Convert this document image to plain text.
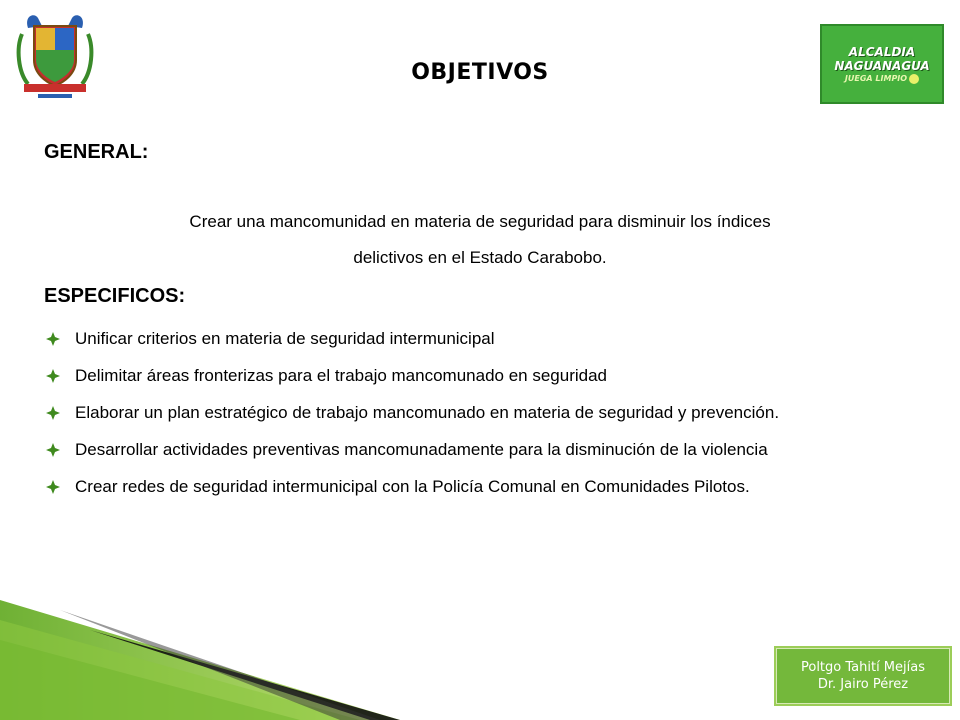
ALCALDIA
NAGUANAGUA
JUEGA LIMPIO
OBJETIVOS
GENERAL:
Crear una mancomunidad en materia de seguridad para disminuir los índices
delictivos en el Estado Carabobo.
ESPECIFICOS:
Unificar criterios en materia de seguridad intermunicipal
Delimitar áreas fronterizas para el trabajo mancomunado en seguridad
Elaborar un plan estratégico de trabajo mancomunado en materia de seguridad y prevención.
Desarrollar actividades preventivas mancomunadamente para la disminución de la violencia
Crear redes de seguridad intermunicipal con la Policía Comunal en Comunidades Pilotos.
Poltgo Tahití Mejías
Dr. Jairo Pérez
